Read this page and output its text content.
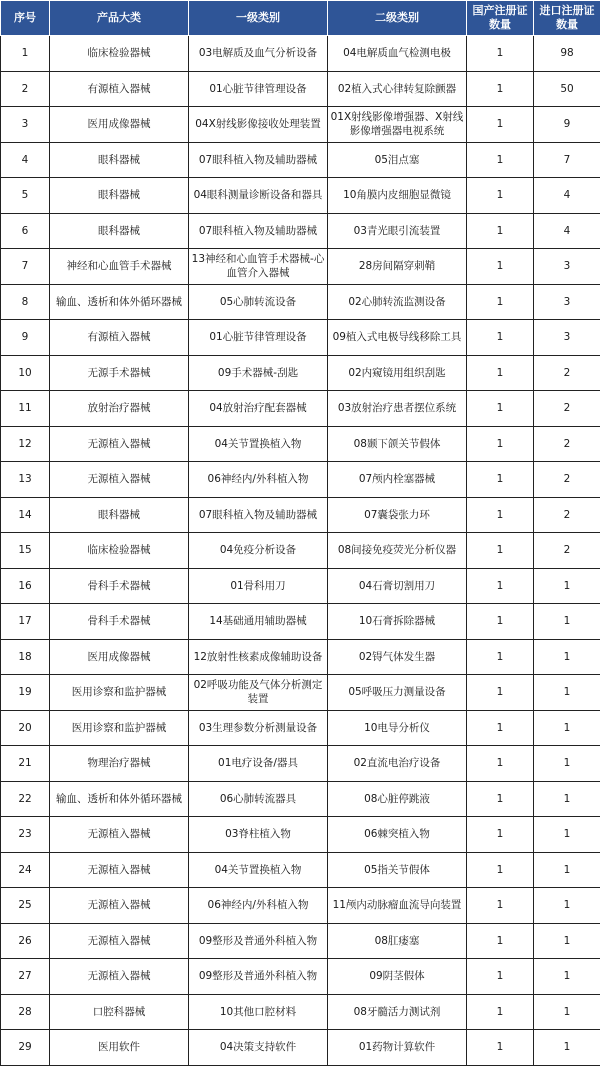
序号	产品大类	一级类别	二级类别	国产注册证数量	进口注册证数量
1	临床检验器械	03电解质及血气分析设备	04电解质血气检测电极	1	98
2	有源植入器械	01心脏节律管理设备	02植入式心律转复除颤器	1	50
3	医用成像器械	04X射线影像接收处理装置	01X射线影像增强器、X射线影像增强器电视系统	1	9
4	眼科器械	07眼科植入物及辅助器械	05泪点塞	1	7
5	眼科器械	04眼科测量诊断设备和器具	10角膜内皮细胞显微镜	1	4
6	眼科器械	07眼科植入物及辅助器械	03青光眼引流装置	1	4
7	神经和心血管手术器械	13神经和心血管手术器械-心血管介入器械	28房间隔穿刺鞘	1	3
8	输血、透析和体外循环器械	05心肺转流设备	02心肺转流监测设备	1	3
9	有源植入器械	01心脏节律管理设备	09植入式电极导线移除工具	1	3
10	无源手术器械	09手术器械-刮匙	02内窥镜用组织刮匙	1	2
11	放射治疗器械	04放射治疗配套器械	03放射治疗患者摆位系统	1	2
12	无源植入器械	04关节置换植入物	08颞下颌关节假体	1	2
13	无源植入器械	06神经内/外科植入物	07颅内栓塞器械	1	2
14	眼科器械	07眼科植入物及辅助器械	07囊袋张力环	1	2
15	临床检验器械	04免疫分析设备	08间接免疫荧光分析仪器	1	2
16	骨科手术器械	01骨科用刀	04石膏切割用刀	1	1
17	骨科手术器械	14基础通用辅助器械	10石膏拆除器械	1	1
18	医用成像器械	12放射性核素成像辅助设备	02锝气体发生器	1	1
19	医用诊察和监护器械	02呼吸功能及气体分析测定装置	05呼吸压力测量设备	1	1
20	医用诊察和监护器械	03生理参数分析测量设备	10电导分析仪	1	1
21	物理治疗器械	01电疗设备/器具	02直流电治疗设备	1	1
22	输血、透析和体外循环器械	06心肺转流器具	08心脏停跳液	1	1
23	无源植入器械	03脊柱植入物	06棘突植入物	1	1
24	无源植入器械	04关节置换植入物	05指关节假体	1	1
25	无源植入器械	06神经内/外科植入物	11颅内动脉瘤血流导向装置	1	1
26	无源植入器械	09整形及普通外科植入物	08肛瘘塞	1	1
27	无源植入器械	09整形及普通外科植入物	09阴茎假体	1	1
28	口腔科器械	10其他口腔材料	08牙髓活力测试剂	1	1
29	医用软件	04决策支持软件	01药物计算软件	1	1
